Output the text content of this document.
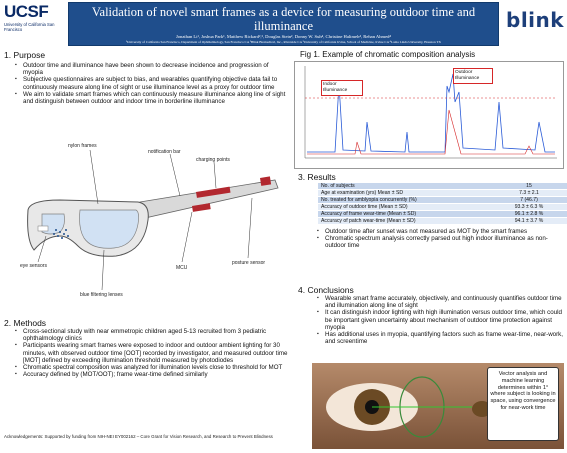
UCSF
University of California San Francisco
Validation of novel smart frames as a device for measuring outdoor time and illuminance
Jonathan Li¹, Joshua Park¹, Matthew Rickard²,³, Douglas Stein², Donny W. Suh⁴, Christine Halimeh⁴, Rehan Ahmed⁴
¹University of California San Francisco, Department of Ophthalmology, San Francisco CA ²Blink Biomedical, Inc., Riverside CA ³University of California Irvine, School of Medicine, Irvine CA ⁴Loma Linda University, Houston TX
blink
1. Purpose
▪ Outdoor time and illuminance have been shown to decrease incidence and progression of myopia
▪ Subjective questionnaires are subject to bias, and wearables quantifying objective data fail to continuously measure along line of sight or use illuminance level as a proxy for outdoor time
▪ We aim to validate smart frames which can continuously measure illuminance along line of sight and distinguish between outdoor and indoor time in borderline illuminance
nylon frames
notification bar
charging points
eye sensors	MCU
posture sensor
blue filtering lenses
2. Methods
▪ Cross-sectional study with near emmetropic children aged 5-13 recruited from 3 pediatric ophthalmology clinics
▪ Participants wearing smart frames were exposed to indoor and outdoor ambient lighting for 30 minutes, with observed outdoor time [OOT] recorded by investigator, and measured outdoor time [MOT] defined by exceeding illumination threshold measured by photodiodes
▪ Chromatic spectral composition was analyzed for illumination levels close to threshold for MOT
▪ Accuracy defined by (MOT/OOT); frame wear-time defined similarly
Acknowledgements: Supported by funding from NIH-NEI EY002162 – Core Grant for Vision Research, and Research to Prevent Blindness
Fig 1. Example of chromatic composition analysis
Indoor Illuminance
Outdoor Illuminance
3. Results
No. of subjects	15
Age at examination (yrs) Mean ± SD	7.3 ± 2.1
No. treated for amblyopia concurrently (%)	7 (46.7)
Accuracy of outdoor time (Mean ± SD)	93.3 ± 6.3 %
Accuracy of frame wear-time (Mean ± SD)	96.1 ± 2.8 %
Accuracy of patch wear-time (Mean ± SD)	94.1 ± 3.7 %
▪ Outdoor time after sunset was not measured as MOT by the smart frames
▪ Chromatic spectrum analysis correctly parsed out high indoor illuminance as non-outdoor time
4. Conclusions
▪ Wearable smart frame accurately, objectively, and continuously quantifies outdoor time and illumination along line of sight
▪ It can distinguish indoor lighting with high illumination versus outdoor time, which could be important given uncertainty about mechanism of outdoor time protection against myopia
▪ Has additional uses in myopia, quantifying factors such as frame wear-time, near-work, and screentime
Vector analysis and machine learning determines within 1° where subject is looking in space, using convergence for near-work time
